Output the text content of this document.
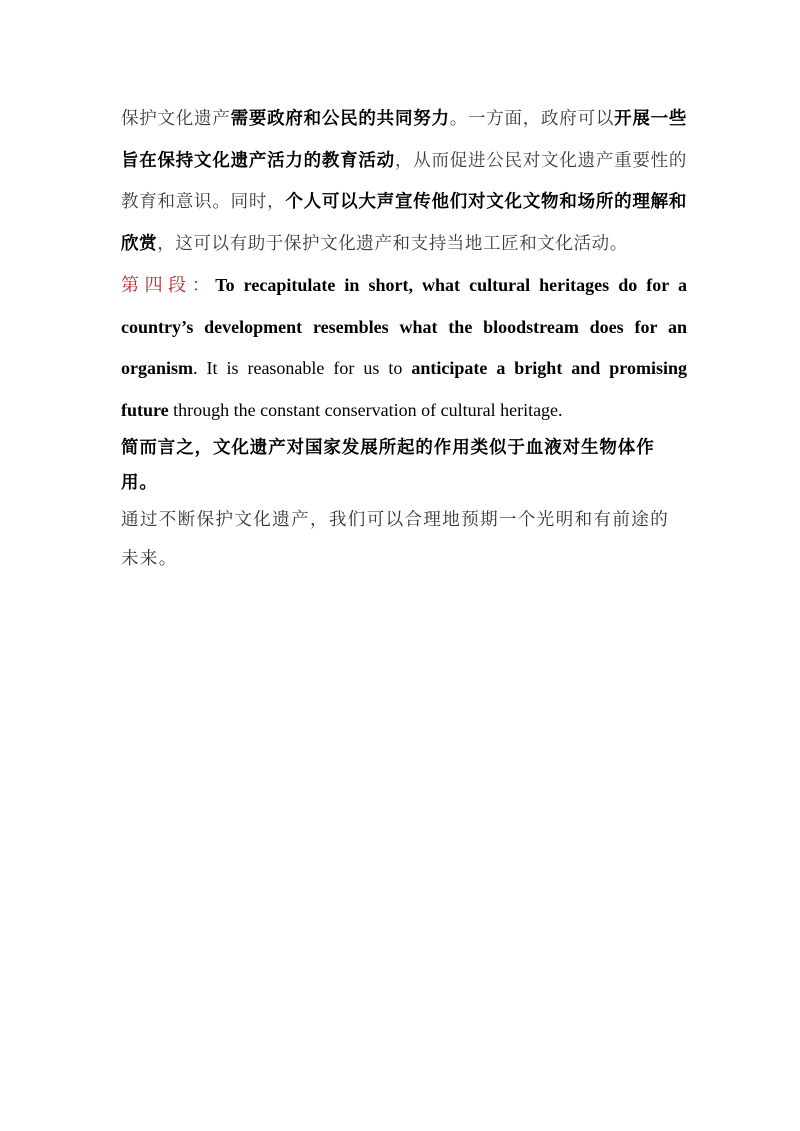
保护文化遗产需要政府和公民的共同努力。一方面，政府可以开展一些旨在保持文化遗产活力的教育活动，从而促进公民对文化遗产重要性的教育和意识。同时，个人可以大声宣传他们对文化文物和场所的理解和欣赏，这可以有助于保护文化遗产和支持当地工匠和文化活动。

第四段：To recapitulate in short, what cultural heritages do for a country’s development resembles what the bloodstream does for an organism. It is reasonable for us to anticipate a bright and promising future through the constant conservation of cultural heritage.

简而言之，文化遗产对国家发展所起的作用类似于血液对生物体作用。

通过不断保护文化遗产，我们可以合理地预期一个光明和有前途的未来。
